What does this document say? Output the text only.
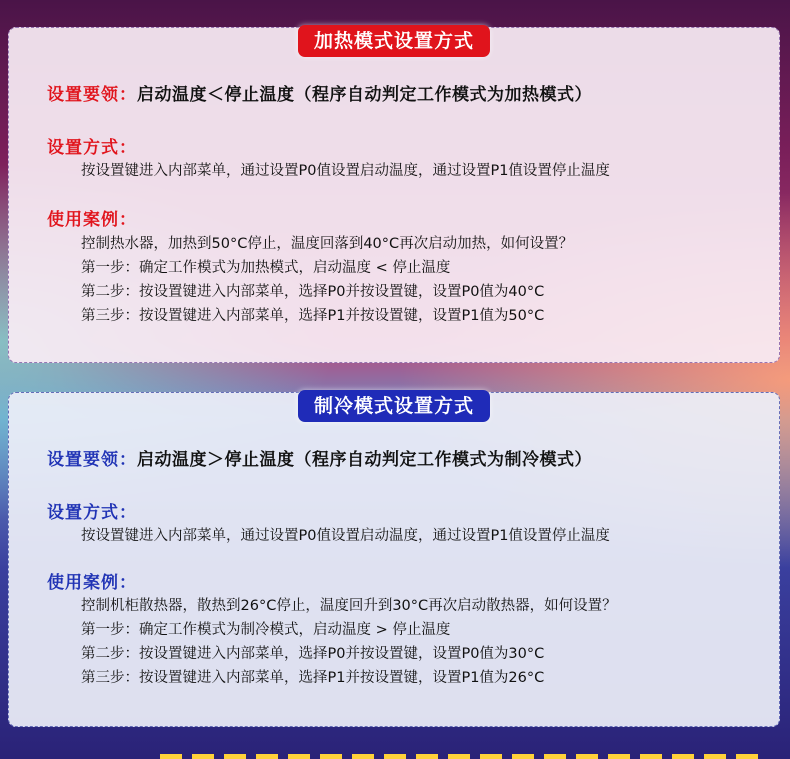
加热模式设置方式
设置要领：启动温度＜停止温度（程序自动判定工作模式为加热模式）
设置方式：
按设置键进入内部菜单，通过设置P0值设置启动温度，通过设置P1值设置停止温度
使用案例：
控制热水器，加热到50°C停止，温度回落到40°C再次启动加热，如何设置？
第一步：确定工作模式为加热模式，启动温度 < 停止温度
第二步：按设置键进入内部菜单，选择P0并按设置键，设置P0值为40°C
第三步：按设置键进入内部菜单，选择P1并按设置键，设置P1值为50°C
制冷模式设置方式
设置要领：启动温度＞停止温度（程序自动判定工作模式为制冷模式）
设置方式：
按设置键进入内部菜单，通过设置P0值设置启动温度，通过设置P1值设置停止温度
使用案例：
控制机柜散热器，散热到26°C停止，温度回升到30°C再次启动散热器，如何设置？
第一步：确定工作模式为制冷模式，启动温度 > 停止温度
第二步：按设置键进入内部菜单，选择P0并按设置键，设置P0值为30°C
第三步：按设置键进入内部菜单，选择P1并按设置键，设置P1值为26°C
